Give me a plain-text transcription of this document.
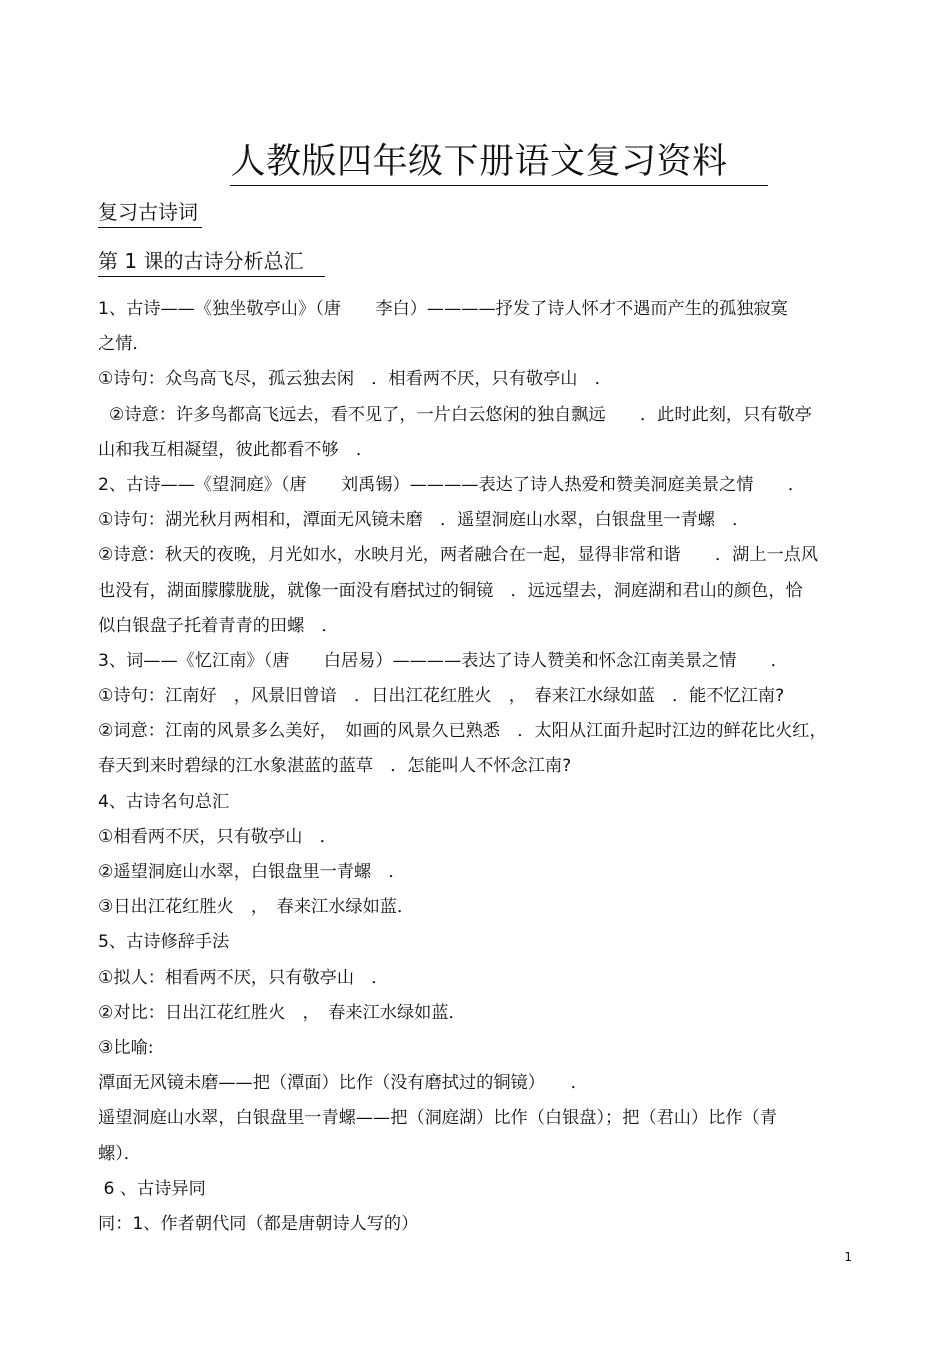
人教版四年级下册语文复习资料
复习古诗词
第 1 课的古诗分析总汇
1、古诗——《独坐敬亭山》（唐　　李白）————抒发了诗人怀才不遇而产生的孤独寂寞
之情．
①诗句：众鸟高飞尽，孤云独去闲　．相看两不厌，只有敬亭山　．
②诗意：许多鸟都高飞远去，看不见了，一片白云悠闲的独自飘远　　．此时此刻，只有敬亭
山和我互相凝望，彼此都看不够　．
2、古诗——《望洞庭》（唐　　刘禹锡）————表达了诗人热爱和赞美洞庭美景之情　　．
①诗句：湖光秋月两相和，潭面无风镜未磨　．遥望洞庭山水翠，白银盘里一青螺　．
②诗意：秋天的夜晚，月光如水，水映月光，两者融合在一起，显得非常和谐　　．湖上一点风
也没有，湖面朦朦胧胧，就像一面没有磨拭过的铜镜　．远远望去，洞庭湖和君山的颜色，恰
似白银盘子托着青青的田螺　．
3、词——《忆江南》（唐　　白居易）————表达了诗人赞美和怀念江南美景之情　　．
①诗句：江南好　，风景旧曾谙　．日出江花红胜火　，　春来江水绿如蓝　．能不忆江南?
②词意：江南的风景多么美好，　如画的风景久已熟悉　．太阳从江面升起时江边的鲜花比火红，
春天到来时碧绿的江水象湛蓝的蓝草　．怎能叫人不怀念江南?
4、古诗名句总汇
①相看两不厌，只有敬亭山　．
②遥望洞庭山水翠，白银盘里一青螺　．
③日出江花红胜火　，　春来江水绿如蓝．
5、古诗修辞手法
①拟人：相看两不厌，只有敬亭山　．
②对比：日出江花红胜火　，　春来江水绿如蓝．
③比喻:
潭面无风镜未磨——把（潭面）比作（没有磨拭过的铜镜）　　．
遥望洞庭山水翠，白银盘里一青螺——把（洞庭湖）比作（白银盘）；把（君山）比作（青
螺）．
6 、古诗异同
同：1、作者朝代同（都是唐朝诗人写的）
1
